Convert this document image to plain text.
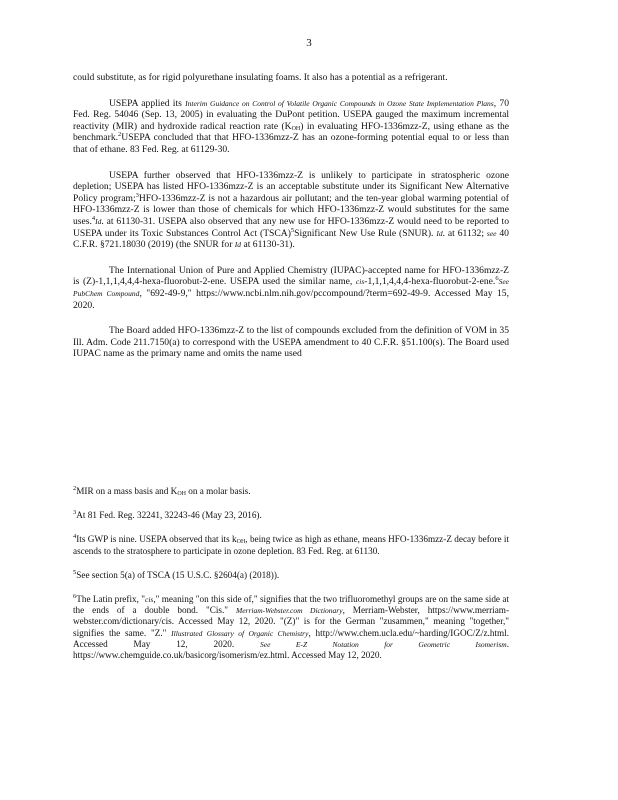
3

could substitute, as for rigid polyurethane insulating foams. It also has a potential as a refrigerant.

USEPA applied its Interim Guidance on Control of Volatile Organic Compounds in Ozone State Implementation Plans, 70 Fed. Reg. 54046 (Sep. 13, 2005) in evaluating the DuPont petition. USEPA gauged the maximum incremental reactivity (MIR) and hydroxide radical reaction rate $(K_{OH})$ in evaluating HFO-1336mzz-Z, using ethane as the benchmark.$^2$USEPA concluded that that HFO-1336mzz-Z has an ozone-forming potential equal to or less than that of ethane. 83 Fed. Reg. at 61129-30.

USEPA further observed that HFO-1336mzz-Z is unlikely to participate in stratospheric ozone depletion; USEPA has listed HFO-1336mzz-Z is an acceptable substitute under its Significant New Alternative Policy program;$^3$HFO-1336mzz-Z is not a hazardous air pollutant; and the ten-year global warming potential of HFO-1336mzz-Z is lower than those of chemicals for which HFO-1336mzz-Z would substitutes for the same uses.$^4$Id. at 61130-31. USEPA also observed that any new use for HFO-1336mzz-Z would need to be reported to USEPA under its Toxic Substances Control Act (TSCA)$^5$Significant New Use Rule (SNUR). Id. at 61132; see 40 C.F.R. §721.18030 (2019) (the SNUR for Id at 61130-31).

The International Union of Pure and Applied Chemistry (IUPAC)-accepted name for HFO-1336mzz-Z is (Z)-1,1,1,4,4,4-hexa-fluorobut-2-ene. USEPA used the similar name, cis-1,1,1,4,4,4-hexa-fluorobut-2-ene.$^6$See PubChem Compound, "692-49-9," https://www.ncbi.nlm.nih.gov/pccompound/?term=692-49-9. Accessed May 15, 2020.

The Board added HFO-1336mzz-Z to the list of compounds excluded from the definition of VOM in 35 Ill. Adm. Code 211.7150(a) to correspond with the USEPA amendment to 40 C.F.R. §51.100(s). The Board used IUPAC name as the primary name and omits the name used

$^2$MIR on a mass basis and $K_{OH}$ on a molar basis.
$^3$At 81 Fed. Reg. 32241, 32243-46 (May 23, 2016).
$^4$Its GWP is nine. USEPA observed that its $k_{OH}$, being twice as high as ethane, means HFO-1336mzz-Z decay before it ascends to the stratosphere to participate in ozone depletion. 83 Fed. Reg. at 61130.
$^5$See section 5(a) of TSCA (15 U.S.C. §2604(a) (2018)).
$^6$The Latin prefix, "cis," meaning "on this side of," signifies that the two trifluoromethyl groups are on the same side at the ends of a double bond. "Cis." Merriam-Webster.com Dictionary, Merriam-Webster, https://www.merriam-webster.com/dictionary/cis. Accessed May 12, 2020. "(Z)" is for the German "zusammen," meaning "together," signifies the same. "Z." Illustrated Glossary of Organic Chemistry, http://www.chem.ucla.edu/~harding/IGOC/Z/z.html. Accessed May 12, 2020. See E-Z Notation for Geometric Isomerism. https://www.chemguide.co.uk/basicorg/isomerism/ez.html. Accessed May 12, 2020.
